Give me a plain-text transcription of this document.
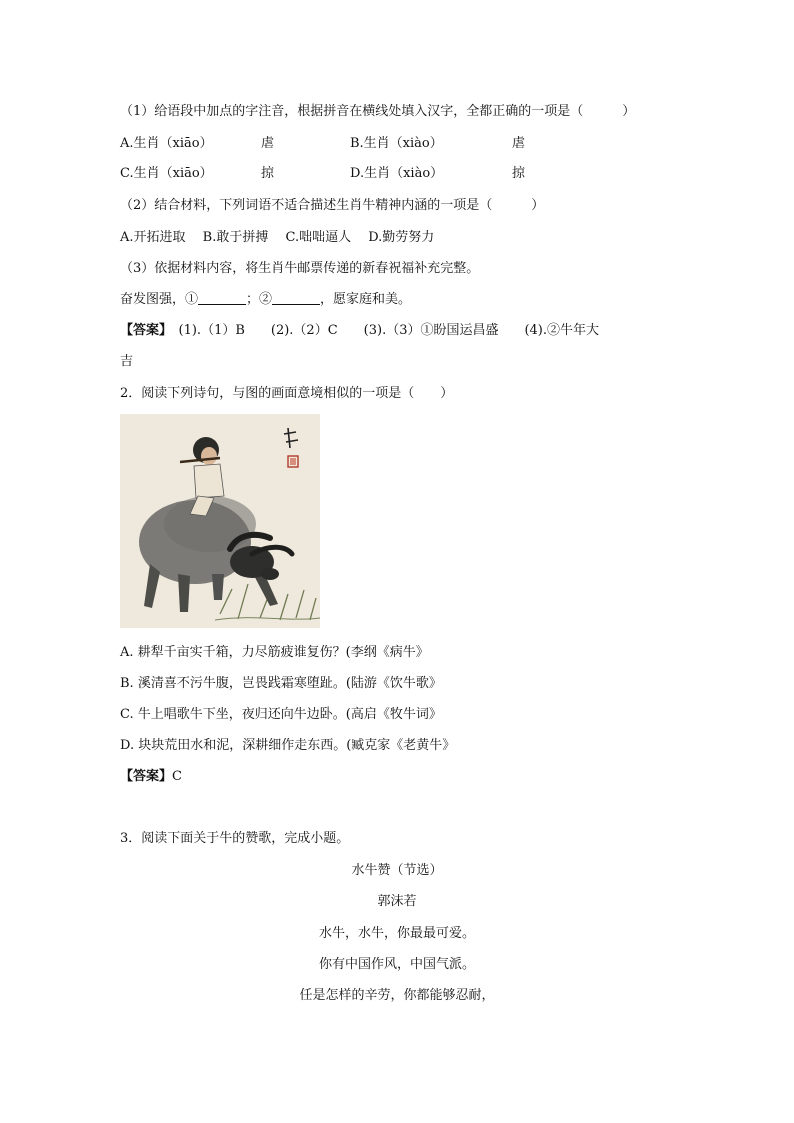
（1）给语段中加点的字注音，根据拼音在横线处填入汉字，全都正确的一项是（　　　）
A.生肖（xiāo）	虐	B.生肖（xiào）	虐
C.生肖（xiāo）	掠	D.生肖（xiào）	掠
（2）结合材料，下列词语不适合描述生肖牛精神内涵的一项是（　　　）
A.开拓进取　 B.敢于拼搏　 C.咄咄逼人　 D.勤劳努力
（3）依据材料内容，将生肖牛邮票传递的新春祝福补充完整。
奋发图强，①	；②	，愿家庭和美。
【答案】　(1).（1）B　　(2).（2）C　　(3).（3）①盼国运昌盛　　(4).②牛年大
吉
2．阅读下列诗句，与图的画面意境相似的一项是（　　）
A. 耕犁千亩实千箱，力尽筋疲谁复伤？(李纲《病牛》
B. 溪清喜不污牛腹，岂畏践霜寒堕趾。(陆游《饮牛歌》
C. 牛上唱歌牛下坐，夜归还向牛边卧。(高启《牧牛词》
D. 块块荒田水和泥，深耕细作走东西。(臧克家《老黄牛》
【答案】C
3．阅读下面关于牛的赞歌，完成小题。
水牛赞（节选）
郭沫若
水牛，水牛，你最最可爱。
你有中国作风，中国气派。
任是怎样的辛劳，你都能够忍耐，
